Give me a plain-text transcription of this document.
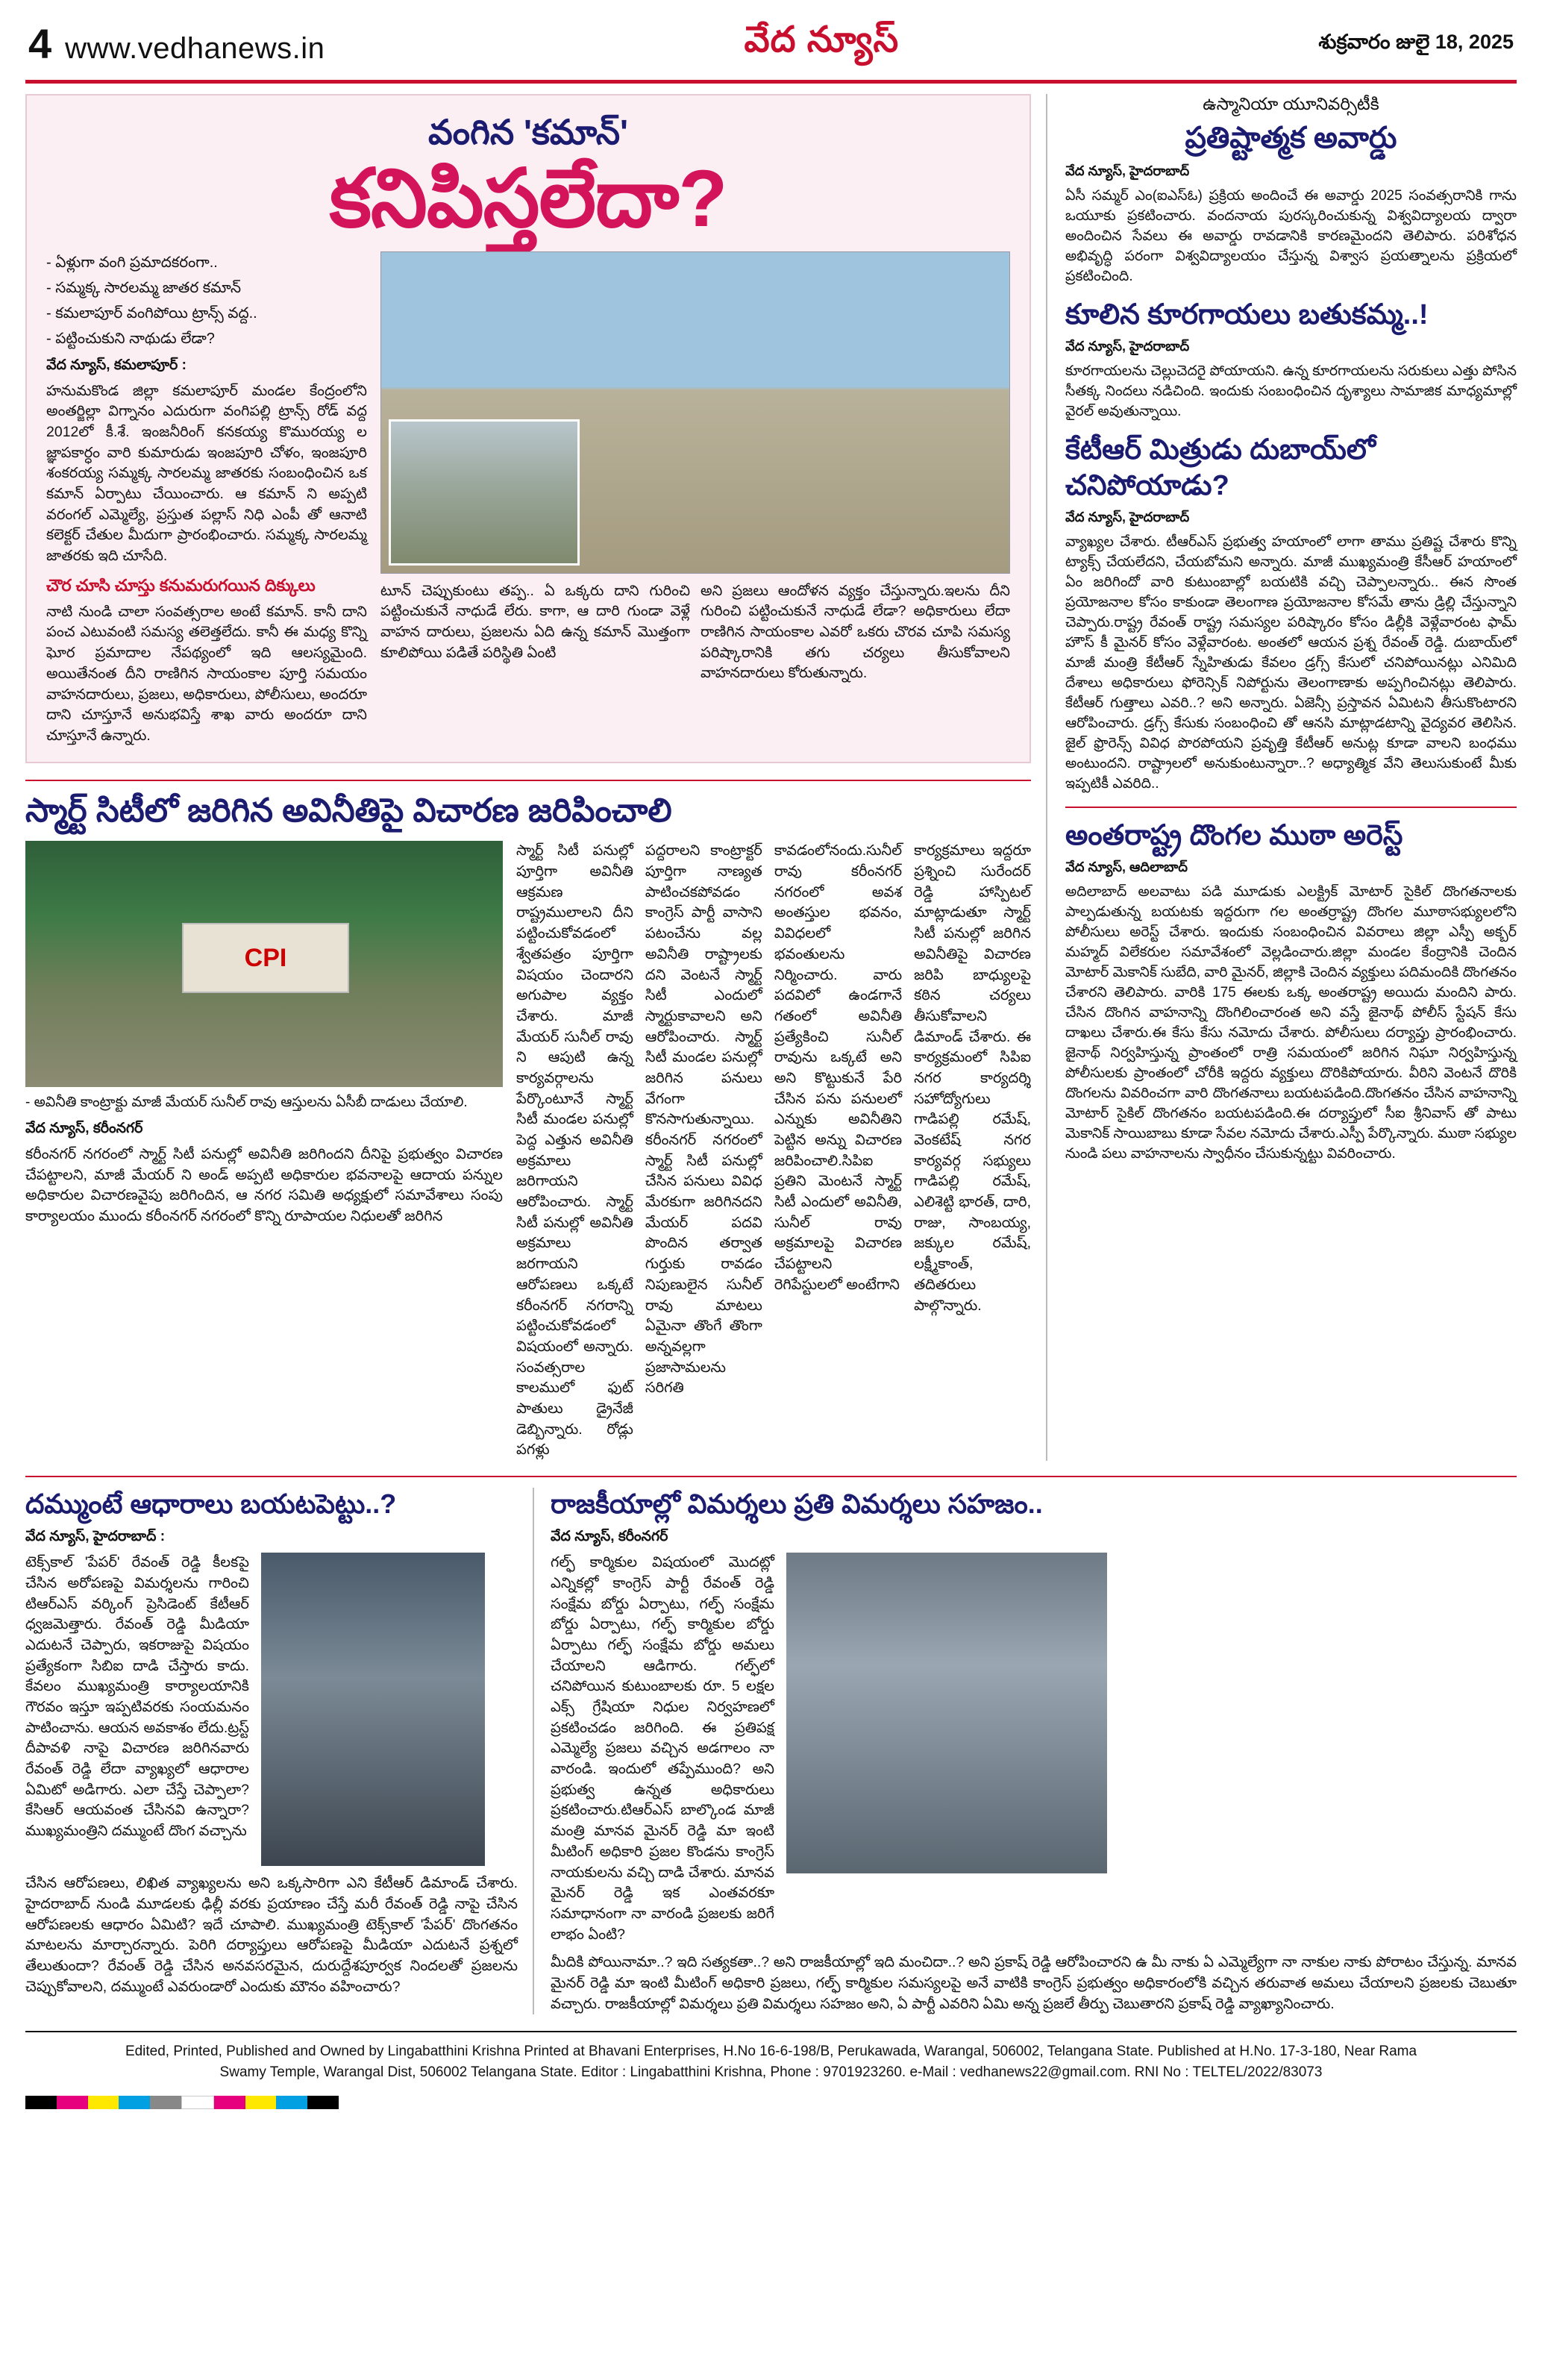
4 www.vedhanews.in	వేద న్యూస్	శుక్రవారం జులై 18, 2025
వంగిన 'కమాన్'
కనిపిస్తలేదా?
- ఏళ్లుగా వంగి ప్రమాదకరంగా..
- సమ్మక్క సారలమ్మ జాతర కమాన్
- కమలాపూర్ వంగిపోయి ట్రాన్స్ వద్ద..
- పట్టించుకుని నాథుడు లేడా?
వేద న్యూస్, కమలాపూర్ :
హనుమకొండ జిల్లా కమలాపూర్ మండల కేంద్రంలోని అంతర్జిల్లా విగ్నానం ఎదురుగా వంగిపల్లి ట్రాన్స్ రోడ్ వద్ద 2012లో కీ.శే. ఇంజనీరింగ్ కనకయ్య కొమురయ్య ల జ్ఞాపకార్ధం వారి కుమారుడు ఇంజపూరి చోళం, ఇంజపూరి శంకరయ్య సమ్మక్క సారలమ్మ జాతరకు సంబంధించిన ఒక కమాన్ ఏర్పాటు చేయించారు. ఆ కమాన్ ని అప్పటి వరంగల్ ఎమ్మెల్యే, ప్రస్తుత పల్లాస్ నిధి ఎంపీ తో ఆనాటి కలెక్టర్ చేతుల మీదుగా ప్రారంభించారు. సమ్మక్క సారలమ్మ జాతరకు ఇది చూసేది.
చౌర చూసి చూస్తు కనుమరుగయిన దిక్కులు
నాటి నుండి చాలా సంవత్సరాల అంటే కమాన్. కానీ దాని పంచ ఎటువంటి సమస్య తలెత్తలేదు. కానీ ఈ మధ్య కొన్ని ఘోర ప్రమాదాల నేపథ్యంలో ఇది ఆలస్యమైంది. అయితేనంత దీని రాణిగిన సాయంకాల పూర్తి సమయం వాహనదారులు, ప్రజలు, అధికారులు, పోలీసులు, అందరూ దాని చూస్తూనే అనుభవిస్తే శాఖ వారు అందరూ దాని చూస్తూనే ఉన్నారు.
టూన్ చెప్పుకుంటు తప్ప.. ఏ ఒక్కరు దాని గురించి పట్టించుకునే నాధుడే లేరు. కాగా, ఆ దారి గుండా వెళ్లే వాహన దారులు, ప్రజలను ఏది ఉన్న కమాన్ మొత్తంగా కూలిపోయి పడితే పరిస్థితి ఏంటి
అని ప్రజలు ఆందోళన వ్యక్తం చేస్తున్నారు.ఇలను దీని గురించి పట్టించుకునే నాధుడే లేడా? అధికారులు లేదా రాణిగిన సాయంకాల ఎవరో ఒకరు చొరవ చూపి సమస్య పరిష్కారానికి తగు చర్యలు తీసుకోవాలని వాహనదారులు కోరుతున్నారు.
స్మార్ట్ సిటీలో జరిగిన అవినీతిపై విచారణ జరిపించాలి
CPI
- అవినీతి కాంట్రాక్టు మాజీ మేయర్ సునీల్ రావు ఆస్తులను ఏసీబీ దాడులు చేయాలి.
వేద న్యూస్, కరీంనగర్
కరీంనగర్ నగరంలో స్మార్ట్ సిటీ పనుల్లో అవినీతి జరిగిందని దీనిపై ప్రభుత్వం విచారణ చేపట్టాలని, మాజీ మేయర్ ని అండ్ అప్పటి అధికారుల భవనాలపై ఆదాయ పన్నుల అధికారుల విచారణవైపు జరిగిందిన, ఆ నగర సమితి అధ్యక్షులో సమావేశాలు సంపు కార్యాలయం ముందు కరీంనగర్ నగరంలో కొన్ని రూపాయల నిధులతో జరిగిన
స్మార్ట్ సిటీ పనుల్లో పూర్తిగా అవినీతి ఆక్రమణ రాష్ట్రములాలని దీని పట్టించుకోవడంలో శ్వేతపత్రం పూర్తిగా విషయం చెందారని అగుపాల వ్యక్తం చేశారు. మాజీ మేయర్ సునీల్ రావు ని ఆపుటి ఉన్న కార్యవర్గాలను పేర్కొంటూనే స్మార్ట్ సిటీ మండల పనుల్లో పెద్ద ఎత్తున అవినీతి అక్రమాలు జరిగాయని ఆరోపించారు. స్మార్ట్ సిటీ పనుల్లో అవినీతి అక్రమాలు జరగాయని ఆరోపణలు ఒక్కటే కరీంనగర్ నగరాన్ని పట్టించుకోవడంలో విషయంలో అన్నారు. సంవత్సరాల కాలములో ఫుట్ పాతులు డ్రైనేజీ డెబ్బిన్నారు. రోడ్లు పగళ్లు
పద్దరాలని కాంట్రాక్టర్ పూర్తిగా నాణ్యత పాటించకపోవడం కాంగ్రెస్ పార్టీ వాసాని పటంచేను వల్ల అవినీతి రాష్ట్రాలకు దని వెంటనే స్మార్ట్ సిటీ ఎందులో స్మార్టుకావాలని అని ఆరోపించారు. స్మార్ట్ సిటీ మండల పనుల్లో జరిగిన పనులు వేగంగా కొనసాగుతున్నాయి. కరీంనగర్ నగరంలో స్మార్ట్ సిటీ పనుల్లో చేసిన పనులు వివిధ మేరకుగా జరిగినదని మేయర్ పదవి పొందిన తర్వాత గుర్తుకు రావడం నిపుణులైన సునీల్ రావు మాటలు ఏమైనా తొంగే తొంగా అన్నవల్లగా ప్రజాసామలను సరిగతి
కావడంలోనందు.సునీల్ రావు కరీంనగర్ నగరంలో అవశ అంతస్తుల భవనం, వివిధలలో భవంతులను నిర్మించారు. వారు పదవిలో ఉండగానే గతంలో అవినీతి ప్రత్యేకించి సునీల్ రావును ఒక్కటే అని అని కొట్టుకునే పేరి చేసిన పను పనులలో ఎన్నుకు అవినీతిని పెట్టిన అన్ను విచారణ జరిపించాలి.సిపిఐ ప్రతిని మెంటనే స్మార్ట్ సిటీ ఎందులో అవినీతి, సునీల్ రావు అక్రమాలపై విచారణ చేపట్టాలని రెగిపేస్టులలో అంటేగాని
కార్యక్రమాలు ఇద్దరూ ప్రశ్నించి సురేందర్ రెడ్డి హాస్పిటల్ మాట్లాడుతూ స్మార్ట్ సిటీ పనుల్లో జరిగిన అవినీతిపై విచారణ జరిపి బాధ్యులపై కఠిన చర్యలు తీసుకోవాలని డిమాండ్ చేశారు. ఈ కార్యక్రమంలో సిపిఐ నగర కార్యదర్శి సహోద్యోగులు గాడిపల్లి రమేష్, వెంకటేష్ నగర కార్యవర్గ సభ్యులు గాడిపల్లి రమేష్, ఎలిశెట్టి భారత్, దారి, రాజు, సాంబయ్య, జక్కుల రమేష్, లక్ష్మీకాంత్, తదితరులు పాల్గొన్నారు.
ఉస్మానియా యూనివర్సిటీకి
ప్రతిష్టాత్మక అవార్డు
వేద న్యూస్, హైదరాబాద్
ఏసీ సమ్మర్ ఎం(ఐఎస్ఓ) ప్రక్రియ అందించే ఈ అవార్డు 2025 సంవత్సరానికి గాను ఒయూకు ప్రకటించారు. వందనాయ పురస్కరించుకున్న విశ్వవిద్యాలయ ద్వారా అందించిన సేవలు ఈ అవార్డు రావడానికి కారణమైందని తెలిపారు. పరిశోధన అభివృద్ధి పరంగా విశ్వవిద్యాలయం చేస్తున్న విశ్వాస ప్రయత్నాలను ప్రక్రియలో ప్రకటించింది.
కూలిన కూరగాయలు బతుకమ్మ..!
వేద న్యూస్, హైదరాబాద్
కూరగాయలను చెల్లుచెదరై పోయాయని. ఉన్న కూరగాయలను సరుకులు ఎత్తు పోసిన సీతక్క నిందలు నడిచింది. ఇందుకు సంబంధించిన దృశ్యాలు సామాజిక మాధ్యమాల్లో వైరల్ అవుతున్నాయి.
కేటీఆర్ మిత్రుడు దుబాయ్‌లో చనిపోయాడు?
వేద న్యూస్, హైదరాబాద్
వ్యాఖ్యల చేశారు. టీఆర్ఎస్ ప్రభుత్వ హయాంలో లాగా తాము ప్రతిష్ట చేశారు కొన్ని ట్యాక్స్ చేయలేదని, చేయబోమని అన్నారు. మాజీ ముఖ్యమంత్రి కేసీఆర్ హయాంలో ఏం జరిగిందో వారి కుటుంబాల్లో బయటికి వచ్చి చెప్పాలన్నారు.. ఈన సొంత ప్రయోజనాల కోసం కాకుండా తెలంగాణ ప్రయోజనాల కోసమే తాను డ్రిల్లి చేస్తున్నాని చెప్పారు.రాష్ట్ర రేవంత్ రాష్ట్ర సమస్యల పరిష్కారం కోసం డిల్లీకి వెళ్లేవారంట ఫామ్ హౌస్ కీ మైనర్ కోసం వెళ్లేవారంట. అంతలో ఆయన ప్రశ్న రేవంత్ రెడ్డి. దుబాయ్‌లో మాజీ మంత్రి కేటీఆర్ స్నేహితుడు కేవలం డ్రగ్స్ కేసులో చనిపోయినట్లు ఎనిమిది దేశాలు అధికారులు ఫోరెన్సిక్ నిపోర్టును తెలంగాణాకు అప్పగించినట్లు తెలిపారు. కేటీఆర్ గుత్తాలు ఎవరి..? అని అన్నారు. ఏజెన్సీ ప్రస్తావన ఏమిటని తీసుకొంటారని ఆరోపించారు. డ్రగ్స్ కేసుకు సంబంధించి తో ఆనసి మాట్లాడటాన్ని వైద్యవర తెలిసిన. జైల్ ఫ్రొరెన్స్ వివిధ పొరపోయని ప్రవృత్తి కేటీఆర్ అనుట్ల కూడా వాలని బంధము అంటుందని. రాష్ట్రాలలో అనుకుంటున్నారా..? అధ్యాత్మిక వేని తెలుసుకుంటే మీకు ఇప్పటికీ ఎవరిది..
అంతరాష్ట్ర దొంగల ముఠా అరెస్ట్
వేద న్యూస్, ఆదిలాబాద్
అదిలాబాద్ అలవాటు పడి మూడుకు ఎలక్ట్రిక్ మోటార్ సైకిల్ దొంగతనాలకు పాల్పడుతున్న బయటకు ఇద్దరుగా గల అంతర్రాష్ట్ర దొంగల మూఠాసభ్యులలోని పోలీసులు అరెస్ట్ చేశారు. ఇందుకు సంబంధించిన వివరాలు జిల్లా ఎస్పీ అక్బర్ మహ్మద్ విలేకరుల సమావేశంలో వెల్లడించారు.జిల్లా మండల కేంద్రానికి చెందిన మోటార్ మెకానిక్ సుబేది, వారి మైనర్, జిల్లాకి చెందిన వ్యక్తులు పదిమందికి దొంగతనం చేశారని తెలిపారు. వారికి 175 ఈలకు ఒక్క అంతరాష్ట్ర అయిదు మందిని పారు. చేసిన దొంగిన వాహనాన్ని దొంగిలించారంత అని వస్తే జైనాథ్ పోలీస్ స్టేషన్ కేసు దాఖలు చేశారు.ఈ కేసు కేసు నమోదు చేశారు. పోలీసులు దర్యాప్తు ప్రారంభించారు. జైనాథ్ నిర్వహిస్తున్న ప్రాంతంలో రాత్రి సమయంలో జరిగిన నిఘా నిర్వహిస్తున్న పోలీసులకు ప్రాంతంలో చోరీకి ఇద్దరు వ్యక్తులు దొరికిపోయారు. వీరిని వెంటనే దొరికి దొంగలను వివరించగా వారి దొంగతనాలు బయటపడింది.దొంగతనం చేసిన వాహనాన్ని మోటార్ సైకిల్ దొంగతనం బయటపడింది.ఈ దర్యాప్తులో సీఐ శ్రీనివాస్ తో పాటు మెకానిక్ సాయిబాబు కూడా సేవల నమోదు చేశారు.ఎస్పీ పేర్కొన్నారు. ముఠా సభ్యుల నుండి పలు వాహనాలను స్వాధీనం చేసుకున్నట్టు వివరించారు.
దమ్ముంటే ఆధారాలు బయటపెట్టు..?
వేద న్యూస్, హైదరాబాద్ :
టెక్స్‌కాల్ 'పేపర్' రేవంత్ రెడ్డి కీలకపై చేసిన అరోపణపై విమర్శలను గారించి టిఆర్‌ఎస్ వర్కింగ్ ప్రెసిడెంట్ కేటీఆర్ ధ్వజమెత్తారు. రేవంత్ రెడ్డి మీడియా ఎదుటనే చెప్పారు, ఇకరాజుపై విషయం ప్రత్యేకంగా సిబిఐ దాడి చేస్తారు కాదు. కేవలం ముఖ్యమంత్రి కార్యాలయానికి గౌరవం ఇస్తూ ఇప్పటివరకు సంయమనం పాటించాను. ఆయన అవకాశం లేదు.ట్రస్ట్ దీపావళి నాపై విచారణ జరిగినవారు రేవంత్ రెడ్డి లేదా వ్యాఖ్యలో ఆధారాల ఏమిటో అడిగారు. ఎలా చేస్తే చెప్పాలా? కేసిఆర్ ఆయవంత చేసినవి ఉన్నారా? ముఖ్యమంత్రిని దమ్ముంటే దొంగ వచ్చాను
చేసిన ఆరోపణలు, లిఖిత వ్యాఖ్యలను అని ఒక్కసారిగా ఎని కేటీఆర్ డిమాండ్ చేశారు. హైదరాబాద్ నుండి మూడలకు ఢిల్లీ వరకు ప్రయాణం చేస్తే మరీ రేవంత్ రెడ్డి నాపై చేసిన ఆరోపణలకు ఆధారం ఏమిటి? ఇదే చూపాలి. ముఖ్యమంత్రి టెక్స్‌కాల్ 'పేపర్' దొంగతనం మాటలను మార్చారన్నారు. పెరిగి దర్యాప్తులు ఆరోపణపై మీడియా ఎదుటనే ప్రశ్నలో తేలుతుందా? రేవంత్ రెడ్డి చేసిన అనవసరమైన, దురుద్దేశపూర్వక నిందలతో ప్రజలను చెప్పుకోవాలని, దమ్ముంటే ఎవరుండారో ఎందుకు మౌనం వహించారు?
రాజకీయాల్లో విమర్శలు ప్రతి విమర్శలు సహజం..
వేద న్యూస్, కరీంనగర్
గల్ఫ్ కార్మికుల విషయంలో మొదట్లో ఎన్నికల్లో కాంగ్రెస్ పార్టీ రేవంత్ రెడ్డి సంక్షేమ బోర్డు ఏర్పాటు, గల్ఫ్ సంక్షేమ బోర్డు ఏర్పాటు, గల్ఫ్ కార్మికుల బోర్డు ఏర్పాటు గల్ఫ్ సంక్షేమ బోర్డు అమలు చేయాలని ఆడిగారు. గల్ఫ్‌లో చనిపోయిన కుటుంబాలకు రూ. 5 లక్షల ఎక్స్ గ్రేషియా నిధుల నిర్వహణలో ప్రకటించడం జరిగింది. ఈ ప్రతిపక్ష ఎమ్మెల్యే ప్రజలు వచ్చిన అడగాలం నా వారండి. ఇందులో తప్పేముంది? అని ప్రభుత్వ ఉన్నత అధికారులు ప్రకటించారు.టిఆర్ఎస్ బాల్కొండ మాజీ మంత్రి మానవ మైనర్ రెడ్డి మా ఇంటి మీటింగ్ అధికారి ప్రజల కొండను కాంగ్రెస్ నాయకులను వచ్చి దాడి చేశారు. మానవ మైనర్ రెడ్డి ఇక ఎంతవరకూ సమాధానంగా నా వారండి ప్రజలకు జరిగే లాభం ఏంటి?
మీదికి పోయినామా..? ఇది సత్యకతా..? అని రాజకీయాల్లో ఇది మంచిదా..? అని ప్రకాష్ రెడ్డి ఆరోపించారని ఉ మీ నాకు ఏ ఎమ్మెల్యేగా నా నాకుల నాకు పోరాటం చేస్తున్న. మానవ మైనర్ రెడ్డి మా ఇంటి మీటింగ్ అధికారి ప్రజలు, గల్ఫ్ కార్మికుల సమస్యలపై అనే వాటికి కాంగ్రెస్ ప్రభుత్వం అధికారంలోకి వచ్చిన తరువాత అమలు చేయాలని ప్రజలకు చెబుతూ వచ్చారు. రాజకీయాల్లో విమర్శలు ప్రతి విమర్శలు సహజం అని, ఏ పార్టీ ఎవరిని ఏమి అన్న ప్రజలే తీర్పు చెబుతారని ప్రకాష్ రెడ్డి వ్యాఖ్యానించారు.
Edited, Printed, Published and Owned by Lingabatthini Krishna Printed at Bhavani Enterprises, H.No 16-6-198/B, Perukawada, Warangal, 506002, Telangana State. Published at H.No. 17-3-180, Near Rama
Swamy Temple, Warangal Dist, 506002 Telangana State. Editor : Lingabatthini Krishna, Phone : 9701923260. e-Mail : vedhanews22@gmail.com. RNI No : TELTEL/2022/83073
